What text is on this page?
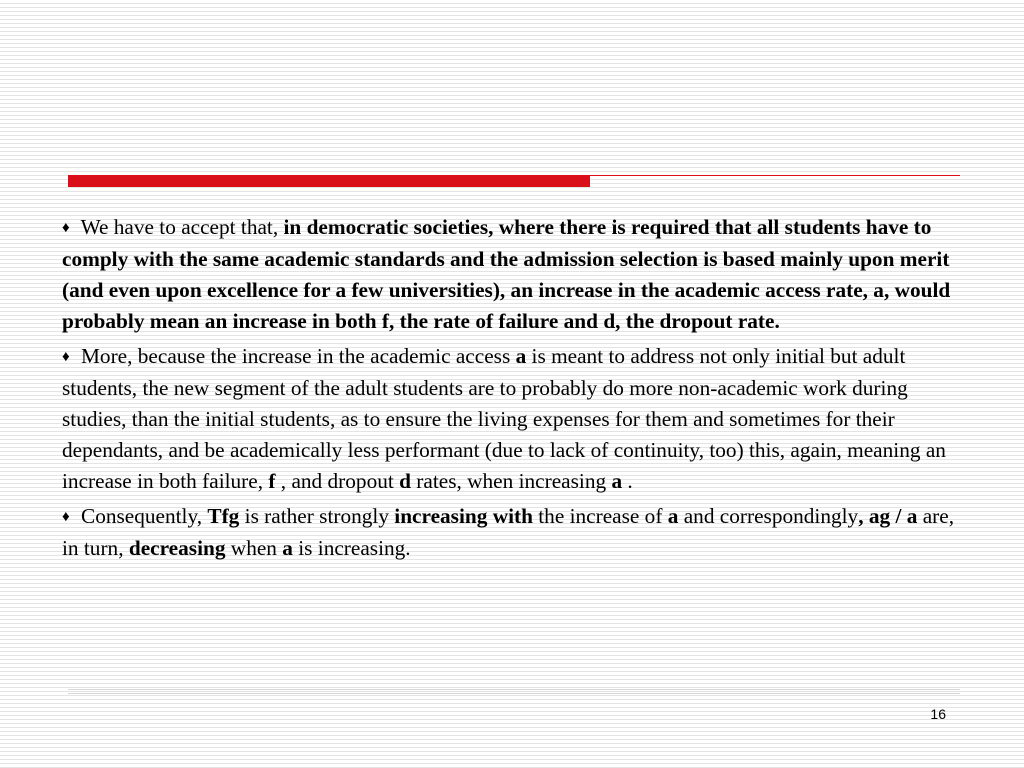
♦ We have to accept that, in democratic societies, where there is required that all students have to comply with the same academic standards and the admission selection is based mainly upon merit (and even upon excellence for a few universities), an increase in the academic access rate, a, would probably mean an increase in both f, the rate of failure and d, the dropout rate.

♦ More, because the increase in the academic access a is meant to address not only initial but adult students, the new segment of the adult students are to probably do more non-academic work during studies, than the initial students, as to ensure the living expenses for them and sometimes for their dependants, and be academically less performant (due to lack of continuity, too) this, again, meaning an increase in both failure, f , and dropout d rates, when increasing a .

♦ Consequently, Tfg is rather strongly increasing with the increase of a and correspondingly, ag / a are, in turn, decreasing when a is increasing.

16
